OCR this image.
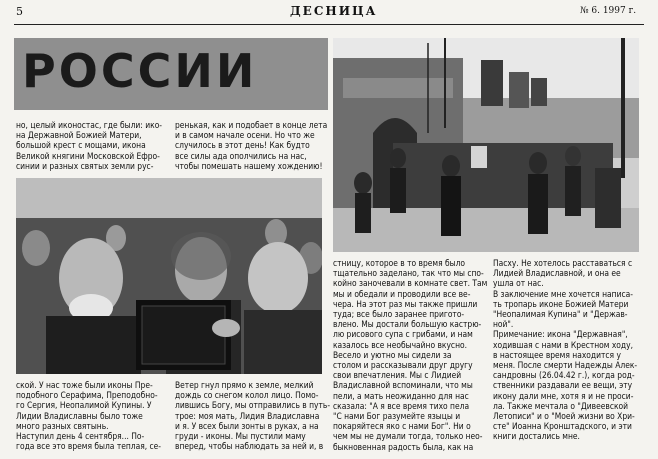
5	ДЕСНИЦА	№ 6. 1997 г.
РОССИИ
но, целый иконостас, где были: ико-
на Державной Божией Матери,
большой крест с мощами, икона
Великой княгини Московской Ефро-
синии и разных святых земли рус-
ренькая, как и подобает в конце лета
и в самом начале осени. Но что же
случилось в этот день! Как будто
все силы ада ополчились на нас,
чтобы помешать нашему хождению!
ской. У нас тоже были иконы Пре-
подобного Серафима, Преподобно-
го Сергия, Неопалимой Купины. У
Лидии Владиславны было тоже
много разных святынь.
Наступил день 4 сентября... По-
года все это время была теплая, се-
Ветер гнул прямо к земле, мелкий
дождь со снегом колол лицо. Помо-
лившись Богу, мы отправились в путь-
трое: моя мать, Лидия Владиславна
и я. У всех были зонты в руках, а на
груди - иконы. Мы пустили маму
вперед, чтобы наблюдать за ней и, в
стницу, которое в то время было
тщательно заделано, так что мы спо-
койно заночевали в комнате свет. Там
мы и обедали и проводили все ве-
чера. На этот раз мы также пришли
туда; все было заранее пригото-
влено. Мы достали большую кастрю-
лю рисового супа с грибами, и нам
казалось все необычайно вкусно.
Весело и уютно мы сидели за
столом и рассказывали друг другу
свои впечатления. Мы с Лидией
Владиславной вспоминали, что мы
пели, а мать неожиданно для нас
сказала: "А я все время тихо пела
"С нами Бог разумейте языцы и
покаряйтеся яко с нами Бог". Ни о
чем мы не думали тогда, только нео-
быкновенная радость была, как на
Пасху. Не хотелось расставаться с
Лидией Владиславной, и она ее
ушла от нас.
В заключение мне хочется написа-
ть тропарь иконе Божией Матери
"Неопалимая Купина" и "Держав-
ной".
Примечание: икона "Державная",
ходившая с нами в Крестном ходу,
в настоящее время находится у
меня. После смерти Надежды Алек-
сандровны (26.04.42 г.), когда род-
ственники раздавали ее вещи, эту
икону дали мне, хотя я и не проси-
ла. Также мечтала о "Дивеевской
Летописи" и о "Моей жизни во Хри-
сте" Иоанна Кронштадского, и эти
книги достались мне.
